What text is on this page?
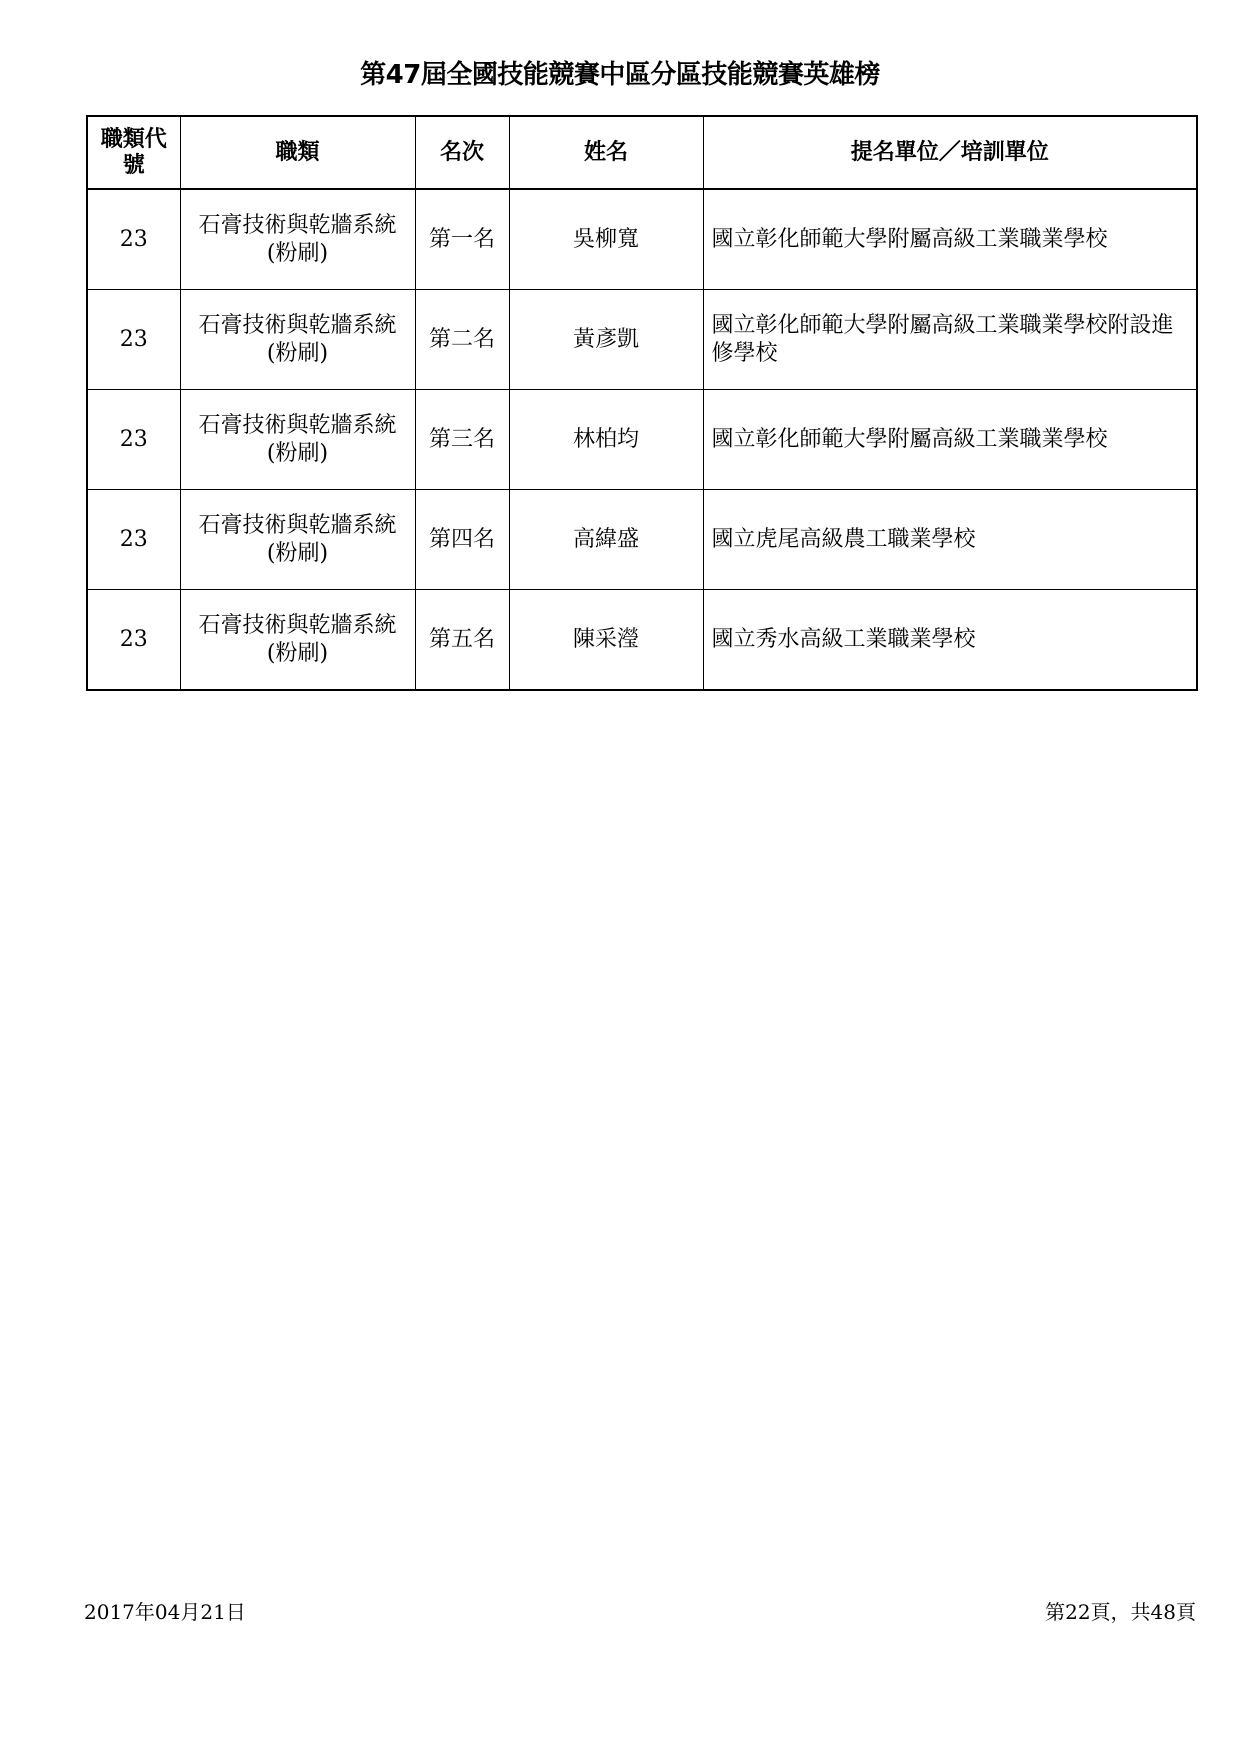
第47屆全國技能競賽中區分區技能競賽英雄榜
職類代號	職類	名次	姓名	提名單位／培訓單位
23	石膏技術與乾牆系統(粉刷)	第一名	吳柳寬	國立彰化師範大學附屬高級工業職業學校
23	石膏技術與乾牆系統(粉刷)	第二名	黃彥凱	國立彰化師範大學附屬高級工業職業學校附設進修學校
23	石膏技術與乾牆系統(粉刷)	第三名	林柏均	國立彰化師範大學附屬高級工業職業學校
23	石膏技術與乾牆系統(粉刷)	第四名	高緯盛	國立虎尾高級農工職業學校
23	石膏技術與乾牆系統(粉刷)	第五名	陳采瀅	國立秀水高級工業職業學校
2017年04月21日	第22頁，共48頁
